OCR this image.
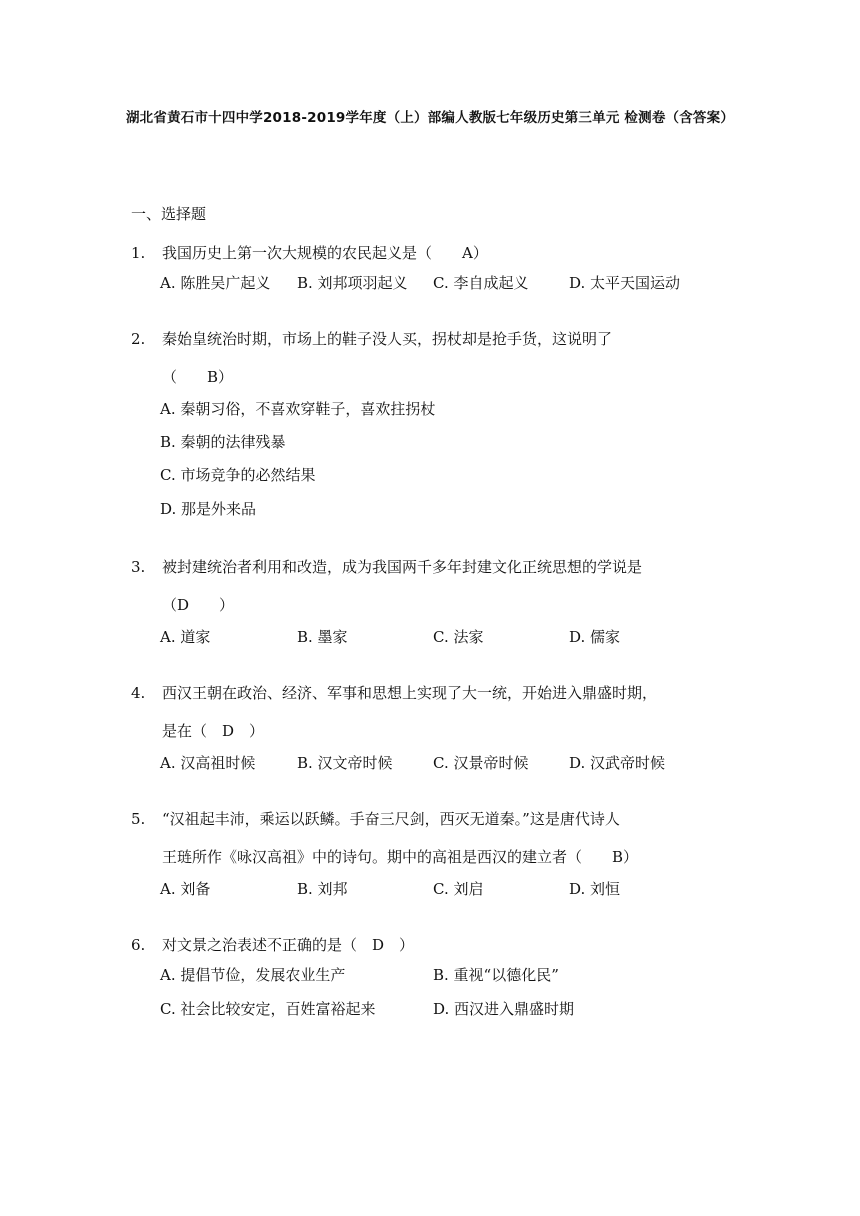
湖北省黄石市十四中学2018-2019学年度（上）部编人教版七年级历史第三单元 检测卷（含答案）
一、选择题
1. 我国历史上第一次大规模的农民起义是（　　A）
A. 陈胜吴广起义 B. 刘邦项羽起义 C. 李自成起义	D. 太平天国运动
2. 秦始皇统治时期，市场上的鞋子没人买，拐杖却是抢手货，这说明了
（　　B）
A. 秦朝习俗，不喜欢穿鞋子，喜欢拄拐杖
B. 秦朝的法律残暴
C. 市场竞争的必然结果
D. 那是外来品
3. 被封建统治者利用和改造，成为我国两千多年封建文化正统思想的学说是
（D　　）
A. 道家	B. 墨家	C. 法家	D. 儒家
4. 西汉王朝在政治、经济、军事和思想上实现了大一统，开始进入鼎盛时期，
是在（　D　）
A. 汉高祖时候	B. 汉文帝时候	C. 汉景帝时候	D. 汉武帝时候
5. “汉祖起丰沛，乘运以跃鳞。手奋三尺剑，西灭无道秦。”这是唐代诗人
王琏所作《咏汉高祖》中的诗句。期中的高祖是西汉的建立者（　　B）
A. 刘备	B. 刘邦	C. 刘启	D. 刘恒
6. 对文景之治表述不正确的是（　D　）
A. 提倡节俭，发展农业生产	B. 重视“以德化民”
C. 社会比较安定，百姓富裕起来	D. 西汉进入鼎盛时期
